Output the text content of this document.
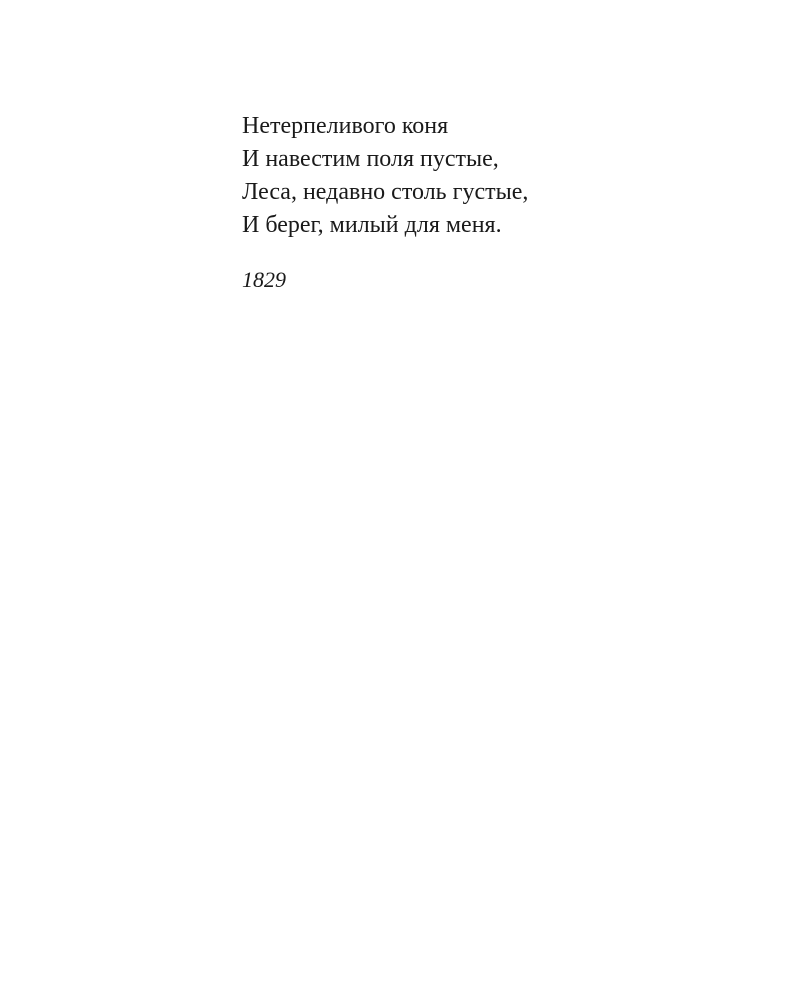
Нетерпеливого коня
И навестим поля пустые,
Леса, недавно столь густые,
И берег, милый для меня.
1829
